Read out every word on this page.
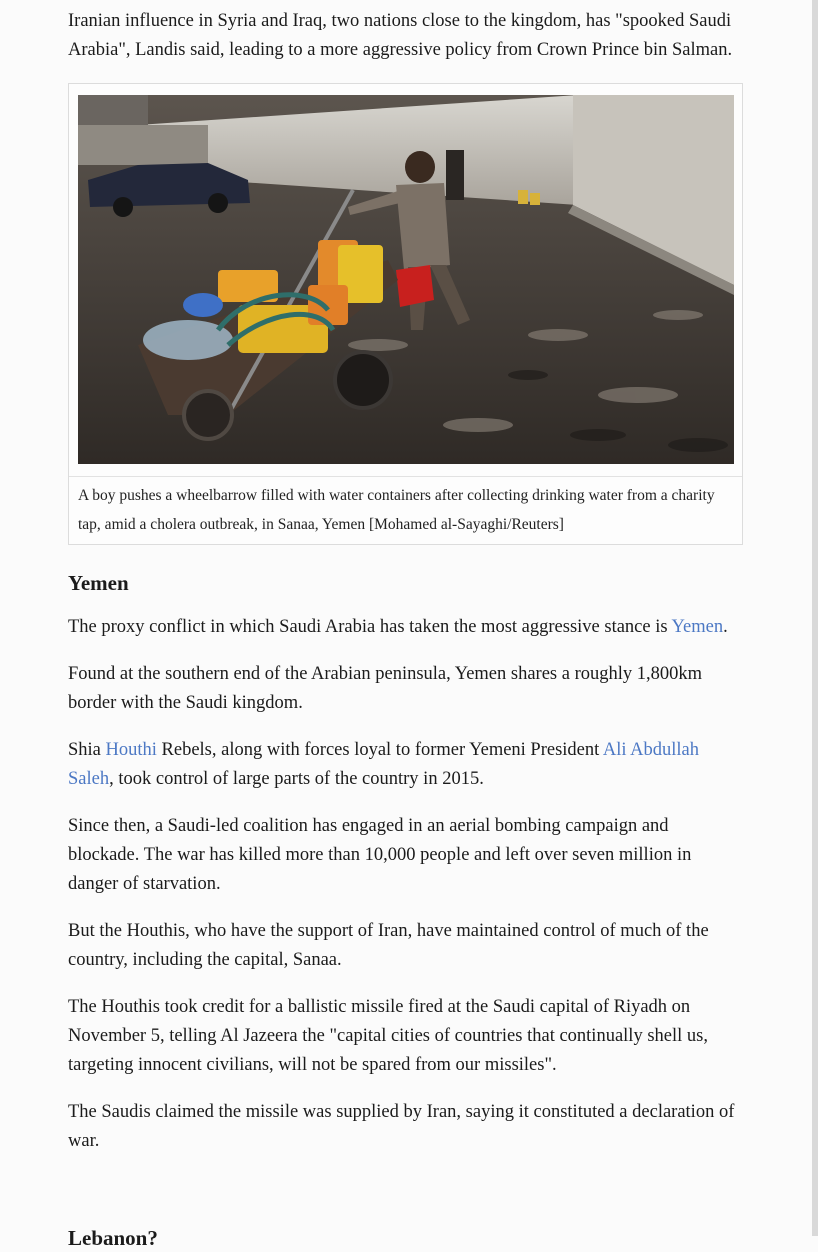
Iranian influence in Syria and Iraq, two nations close to the kingdom, has "spooked Saudi Arabia", Landis said, leading to a more aggressive policy from Crown Prince bin Salman.

A boy pushes a wheelbarrow filled with water containers after collecting drinking water from a charity tap, amid a cholera outbreak, in Sanaa, Yemen [Mohamed al-Sayaghi/Reuters]
Yemen

The proxy conflict in which Saudi Arabia has taken the most aggressive stance is Yemen.

Found at the southern end of the Arabian peninsula, Yemen shares a roughly 1,800km border with the Saudi kingdom.

Shia Houthi Rebels, along with forces loyal to former Yemeni President Ali Abdullah Saleh, took control of large parts of the country in 2015.

Since then, a Saudi-led coalition has engaged in an aerial bombing campaign and blockade. The war has killed more than 10,000 people and left over seven million in danger of starvation.

But the Houthis, who have the support of Iran, have maintained control of much of the country, including the capital, Sanaa.

The Houthis took credit for a ballistic missile fired at the Saudi capital of Riyadh on November 5, telling Al Jazeera the "capital cities of countries that continually shell us, targeting innocent civilians, will not be spared from our missiles".

The Saudis claimed the missile was supplied by Iran, saying it constituted a declaration of war.

Lebanon?
